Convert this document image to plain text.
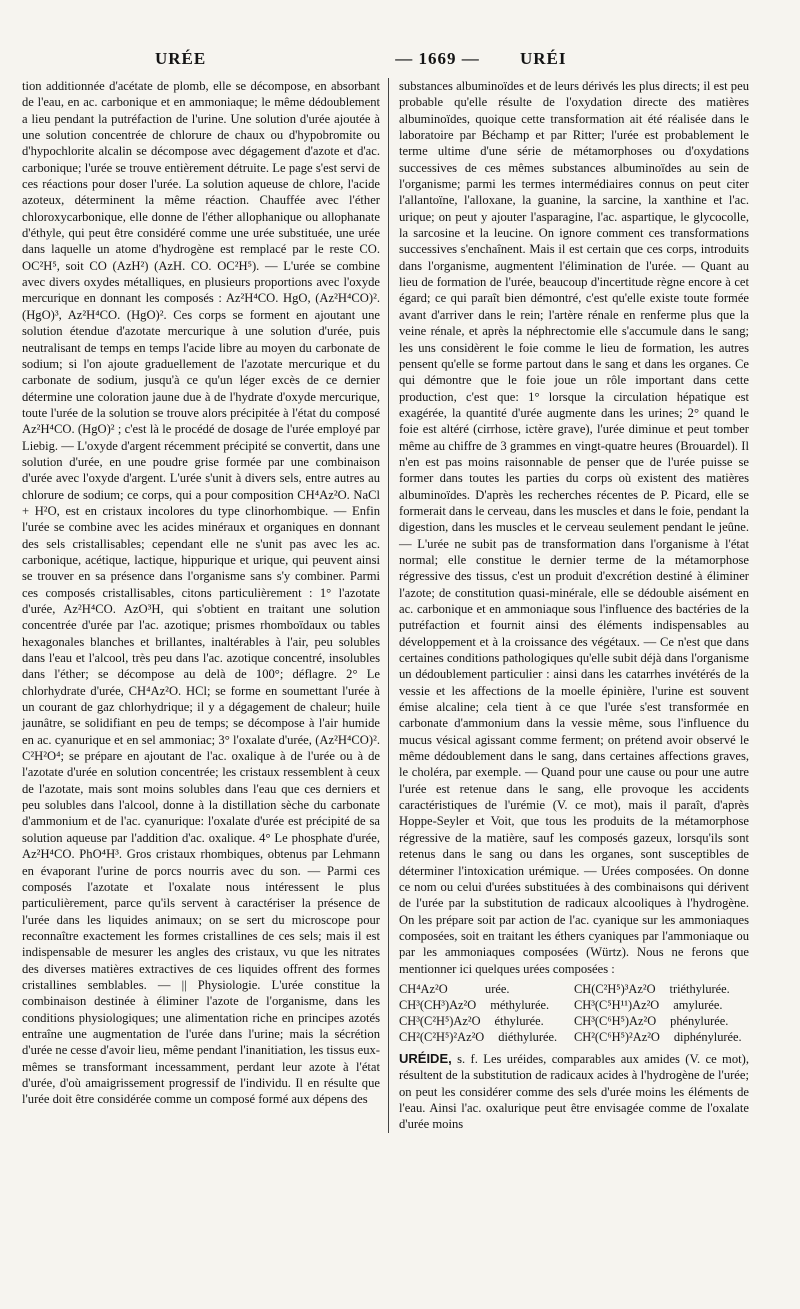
URÉE	— 1669 —	URÉI

tion additionnée d'acétate de plomb, elle se décompose, en absorbant de l'eau, en ac. carbonique et en ammoniaque; le même dédoublement a lieu pendant la putréfaction de l'urine. Une solution d'urée ajoutée à une solution concentrée de chlorure de chaux ou d'hypobromite ou d'hypochlorite alcalin se décompose avec dégagement d'azote et d'ac. carbonique; l'urée se trouve entièrement détruite. Le page s'est servi de ces réactions pour doser l'urée. La solution aqueuse de chlore, l'acide azoteux, déterminent la même réaction. Chauffée avec l'éther chloroxycarbonique, elle donne de l'éther allophanique ou allophanate d'éthyle, qui peut être considéré comme une urée substituée, une urée dans laquelle un atome d'hydrogène est remplacé par le reste CO. OC²H⁵, soit CO (AzH²) (AzH. CO. OC²H⁵). — L'urée se combine avec divers oxydes métalliques, en plusieurs proportions avec l'oxyde mercurique en donnant les composés : Az²H⁴CO. HgO, (Az²H⁴CO)². (HgO)³, Az²H⁴CO. (HgO)². Ces corps se forment en ajoutant une solution étendue d'azotate mercurique à une solution d'urée, puis neutralisant de temps en temps l'acide libre au moyen du carbonate de sodium; si l'on ajoute graduellement de l'azotate mercurique et du carbonate de sodium, jusqu'à ce qu'un léger excès de ce dernier détermine une coloration jaune due à de l'hydrate d'oxyde mercurique, toute l'urée de la solution se trouve alors précipitée à l'état du composé Az²H⁴CO. (HgO)² ; c'est là le procédé de dosage de l'urée employé par Liebig. — L'oxyde d'argent récemment précipité se convertit, dans une solution d'urée, en une poudre grise formée par une combinaison d'urée avec l'oxyde d'argent. L'urée s'unit à divers sels, entre autres au chlorure de sodium; ce corps, qui a pour composition CH⁴Az²O. NaCl + H²O, est en cristaux incolores du type clinorhombique. — Enfin l'urée se combine avec les acides minéraux et organiques en donnant des sels cristallisables; cependant elle ne s'unit pas avec les ac. carbonique, acétique, lactique, hippurique et urique, qui peuvent ainsi se trouver en sa présence dans l'organisme sans s'y combiner. Parmi ces composés cristallisables, citons particulièrement : 1° l'azotate d'urée, Az²H⁴CO. AzO³H, qui s'obtient en traitant une solution concentrée d'urée par l'ac. azotique; prismes rhomboïdaux ou tables hexagonales blanches et brillantes, inaltérables à l'air, peu solubles dans l'eau et l'alcool, très peu dans l'ac. azotique concentré, insolubles dans l'éther; se décompose au delà de 100°; déflagre. 2° Le chlorhydrate d'urée, CH⁴Az²O. HCl; se forme en soumettant l'urée à un courant de gaz chlorhydrique; il y a dégagement de chaleur; huile jaunâtre, se solidifiant en peu de temps; se décompose à l'air humide en ac. cyanurique et en sel ammoniac; 3° l'oxalate d'urée, (Az²H⁴CO)². C²H²O⁴; se prépare en ajoutant de l'ac. oxalique à de l'urée ou à de l'azotate d'urée en solution concentrée; les cristaux ressemblent à ceux de l'azotate, mais sont moins solubles dans l'eau que ces derniers et peu solubles dans l'alcool, donne à la distillation sèche du carbonate d'ammonium et de l'ac. cyanurique: l'oxalate d'urée est précipité de sa solution aqueuse par l'addition d'ac. oxalique. 4° Le phosphate d'urée, Az²H⁴CO. PhO⁴H³. Gros cristaux rhombiques, obtenus par Lehmann en évaporant l'urine de porcs nourris avec du son. — Parmi ces composés l'azotate et l'oxalate nous intéressent le plus particulièrement, parce qu'ils servent à caractériser la présence de l'urée dans les liquides animaux; on se sert du microscope pour reconnaître exactement les formes cristallines de ces sels; mais il est indispensable de mesurer les angles des cristaux, vu que les nitrates des diverses matières extractives de ces liquides offrent des formes cristallines semblables. — || Physiologie. L'urée constitue la combinaison destinée à éliminer l'azote de l'organisme, dans les conditions physiologiques; une alimentation riche en principes azotés entraîne une augmentation de l'urée dans l'urine; mais la sécrétion d'urée ne cesse d'avoir lieu, même pendant l'inanitiation, les tissus eux-mêmes se transformant incessamment, perdant leur azote à l'état d'urée, d'où amaigrissement progressif de l'individu. Il en résulte que l'urée doit être considérée comme un composé formé aux dépens des

substances albuminoïdes et de leurs dérivés les plus directs; il est peu probable qu'elle résulte de l'oxydation directe des matières albuminoïdes, quoique cette transformation ait été réalisée dans le laboratoire par Béchamp et par Ritter; l'urée est probablement le terme ultime d'une série de métamorphoses ou d'oxydations successives de ces mêmes substances albuminoïdes au sein de l'organisme; parmi les termes intermédiaires connus on peut citer l'allantoïne, l'alloxane, la guanine, la sarcine, la xanthine et l'ac. urique; on peut y ajouter l'asparagine, l'ac. aspartique, le glycocolle, la sarcosine et la leucine. On ignore comment ces transformations successives s'enchaînent. Mais il est certain que ces corps, introduits dans l'organisme, augmentent l'élimination de l'urée. — Quant au lieu de formation de l'urée, beaucoup d'incertitude règne encore à cet égard; ce qui paraît bien démontré, c'est qu'elle existe toute formée avant d'arriver dans le rein; l'artère rénale en renferme plus que la veine rénale, et après la néphrectomie elle s'accumule dans le sang; les uns considèrent le foie comme le lieu de formation, les autres pensent qu'elle se forme partout dans le sang et dans les organes. Ce qui démontre que le foie joue un rôle important dans cette production, c'est que: 1° lorsque la circulation hépatique est exagérée, la quantité d'urée augmente dans les urines; 2° quand le foie est altéré (cirrhose, ictère grave), l'urée diminue et peut tomber même au chiffre de 3 grammes en vingt-quatre heures (Brouardel). Il n'en est pas moins raisonnable de penser que de l'urée puisse se former dans toutes les parties du corps où existent des matières albuminoïdes. D'après les recherches récentes de P. Picard, elle se formerait dans le cerveau, dans les muscles et dans le foie, pendant la digestion, dans les muscles et le cerveau seulement pendant le jeûne. — L'urée ne subit pas de transformation dans l'organisme à l'état normal; elle constitue le dernier terme de la métamorphose régressive des tissus, c'est un produit d'excrétion destiné à éliminer l'azote; de constitution quasi-minérale, elle se dédouble aisément en ac. carbonique et en ammoniaque sous l'influence des bactéries de la putréfaction et fournit ainsi des éléments indispensables au développement et à la croissance des végétaux. — Ce n'est que dans certaines conditions pathologiques qu'elle subit déjà dans l'organisme un dédoublement particulier : ainsi dans les catarrhes invétérés de la vessie et les affections de la moelle épinière, l'urine est souvent émise alcaline; cela tient à ce que l'urée s'est transformée en carbonate d'ammonium dans la vessie même, sous l'influence du mucus vésical agissant comme ferment; on prétend avoir observé le même dédoublement dans le sang, dans certaines affections graves, le choléra, par exemple. — Quand pour une cause ou pour une autre l'urée est retenue dans le sang, elle provoque les accidents caractéristiques de l'urémie (V. ce mot), mais il paraît, d'après Hoppe-Seyler et Voit, que tous les produits de la métamorphose régressive de la matière, sauf les composés gazeux, lorsqu'ils sont retenus dans le sang ou dans les organes, sont susceptibles de déterminer l'intoxication urémique. — Urées composées. On donne ce nom ou celui d'urées substituées à des combinaisons qui dérivent de l'urée par la substitution de radicaux alcooliques à l'hydrogène. On les prépare soit par action de l'ac. cyanique sur les ammoniaques composées, soit en traitant les éthers cyaniques par l'ammoniaque ou par les ammoniaques composées (Würtz). Nous ne ferons que mentionner ici quelques urées composées :

CH⁴Az²O	urée.	CH(C²H⁵)³Az²O triéthylurée.
CH³(CH³)Az²O méthylurée. CH³(C⁵H¹¹)Az²O amylurée.
CH³(C²H⁵)Az²O éthylurée. CH³(C⁶H⁵)Az²O phénylurée.
CH²(C²H⁵)²Az²O diéthylurée. CH²(C⁶H⁵)²Az²O diphénylurée.

URÉIDE, s. f. Les uréides, comparables aux amides (V. ce mot), résultent de la substitution de radicaux acides à l'hydrogène de l'urée; on peut les considérer comme des sels d'urée moins les éléments de l'eau. Ainsi l'ac. oxalurique peut être envisagée comme de l'oxalate d'urée moins
